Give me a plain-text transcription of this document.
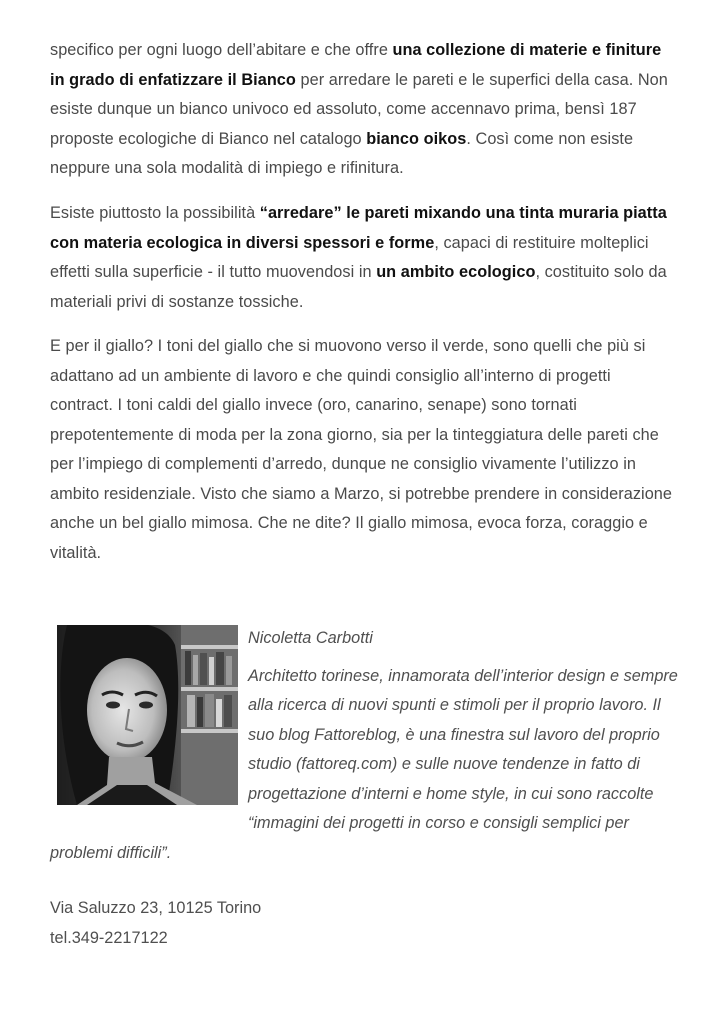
specifico per ogni luogo dell’abitare e che offre una collezione di materie e finiture in grado di enfatizzare il Bianco per arredare le pareti e le superfici della casa. Non esiste dunque un bianco univoco ed assoluto, come accennavo prima, bensì 187 proposte ecologiche di Bianco nel catalogo bianco oikos. Così come non esiste neppure una sola modalità di impiego e rifinitura.

Esiste piuttosto la possibilità “arredare” le pareti mixando una tinta muraria piatta con materia ecologica in diversi spessori e forme, capaci di restituire molteplici effetti sulla superficie - il tutto muovendosi in un ambito ecologico, costituito solo da materiali privi di sostanze tossiche.

E per il giallo? I toni del giallo che si muovono verso il verde, sono quelli che più si adattano ad un ambiente di lavoro e che quindi consiglio all’interno di progetti contract. I toni caldi del giallo invece (oro, canarino, senape) sono tornati prepotentemente di moda per la zona giorno, sia per la tinteggiatura delle pareti che per l’impiego di complementi d’arredo, dunque ne consiglio vivamente l’utilizzo in ambito residenziale. Visto che siamo a Marzo, si potrebbe prendere in considerazione anche un bel giallo mimosa. Che ne dite? Il giallo mimosa, evoca forza, coraggio e vitalità.

Nicoletta Carbotti
Architetto torinese, innamorata dell’interior design e sempre alla ricerca di nuovi spunti e stimoli per il proprio lavoro. Il suo blog Fattoreblog, è una finestra sul lavoro del proprio studio (fattoreq.com) e sulle nuove tendenze in fatto di progettazione d’interni e home style, in cui sono raccolte “immagini dei progetti in corso e consigli semplici per problemi difficili”.

Via Saluzzo 23, 10125 Torino
tel.349-2217122
